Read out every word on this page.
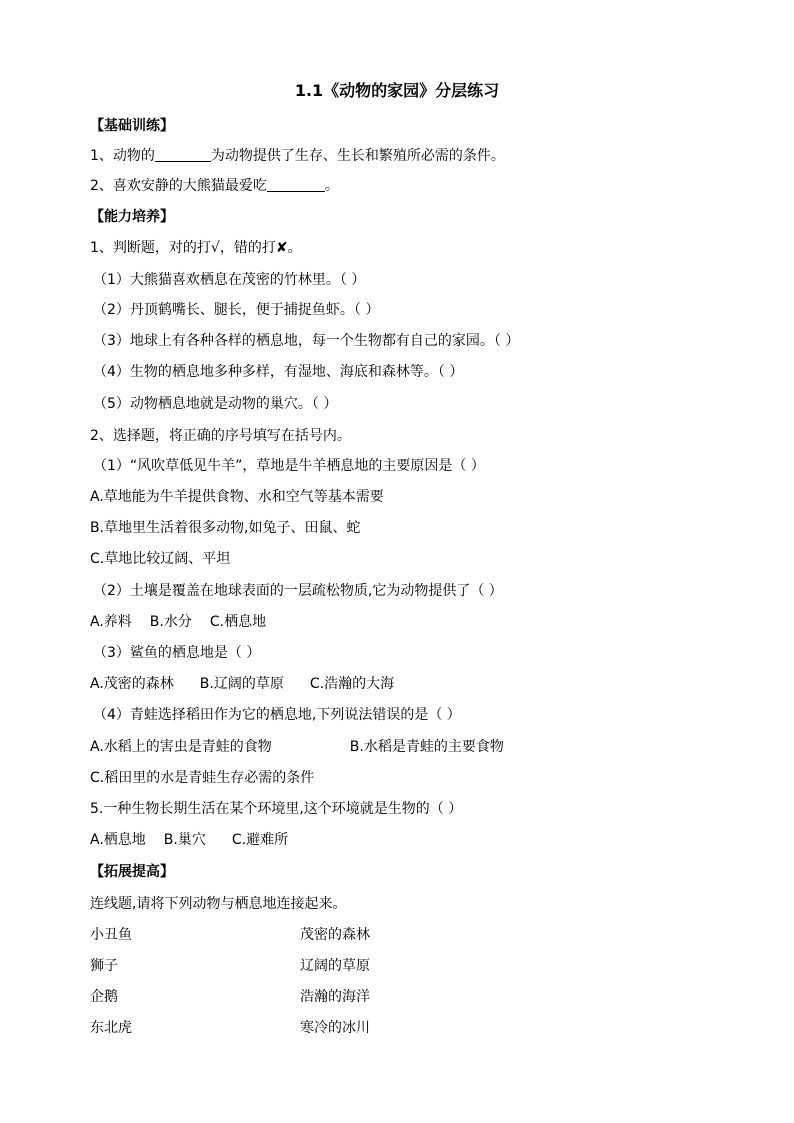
1.1《动物的家园》分层练习
【基础训练】
1、动物的	为动物提供了生存、生长和繁殖所必需的条件。
2、喜欢安静的大熊猫最爱吃	。
【能力培养】
1、判断题，对的打√，错的打✘。
（1）大熊猫喜欢栖息在茂密的竹林里。（ ）
（2）丹顶鹤嘴长、腿长，便于捕捉鱼虾。（ ）
（3）地球上有各种各样的栖息地，每一个生物都有自己的家园。（ ）
（4）生物的栖息地多种多样，有湿地、海底和森林等。（ ）
（5）动物栖息地就是动物的巢穴。（ ）
2、选择题，将正确的序号填写在括号内。
（1）“风吹草低见牛羊”，草地是牛羊栖息地的主要原因是（ ）
A.草地能为牛羊提供食物、水和空气等基本需要
B.草地里生活着很多动物,如兔子、田鼠、蛇
C.草地比较辽阔、平坦
（2）土壤是覆盖在地球表面的一层疏松物质,它为动物提供了（ ）
A.养料 B.水分 C.栖息地
（3）鲨鱼的栖息地是（ ）
A.茂密的森林 B.辽阔的草原 C.浩瀚的大海
（4）青蛙选择稻田作为它的栖息地,下列说法错误的是（ ）
A.水稻上的害虫是青蛙的食物	B.水稻是青蛙的主要食物
C.稻田里的水是青蛙生存必需的条件
5.一种生物长期生活在某个环境里,这个环境就是生物的（ ）
A.栖息地 B.巢穴 C.避难所
【拓展提高】
连线题,请将下列动物与栖息地连接起来。
小丑鱼	茂密的森林
狮子	辽阔的草原
企鹅	浩瀚的海洋
东北虎	寒冷的冰川
